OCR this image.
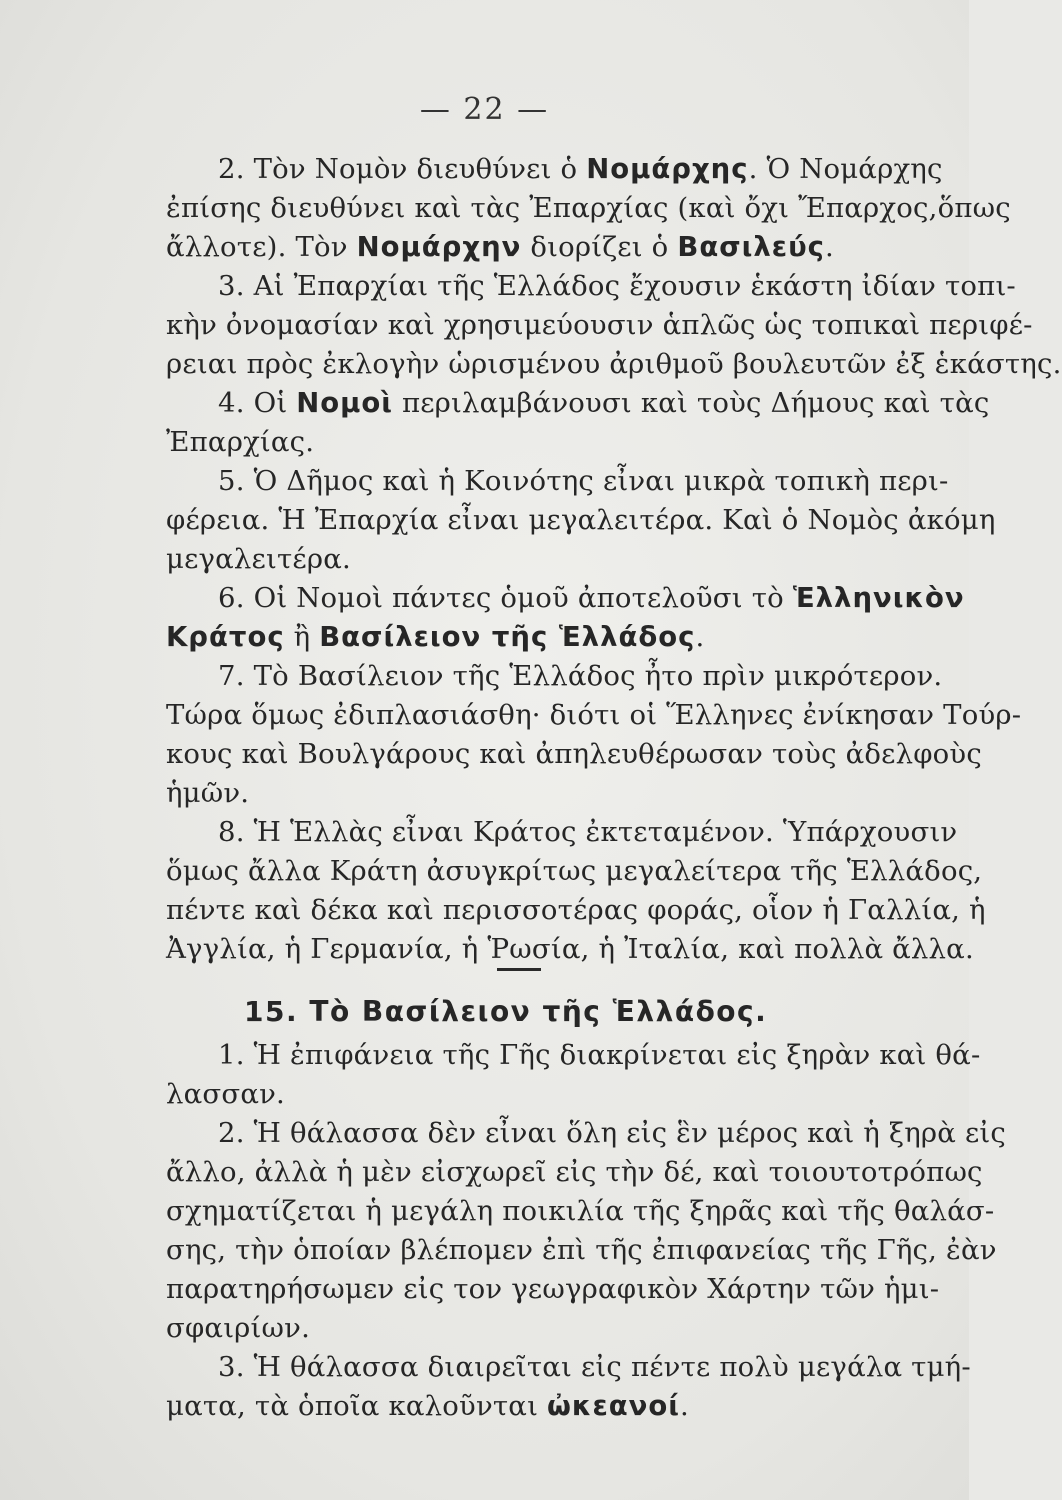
— 22 —
2. Τὸν Νομὸν διευθύνει ὁ Νομάρχης. Ὁ Νομάρχης
ἐπίσης διευθύνει καὶ τὰς Ἐπαρχίας (καὶ ὄχι Ἔπαρχος,ὅπως
ἄλλοτε). Τὸν Νομάρχην διορίζει ὁ Βασιλεύς.
3. Αἱ Ἐπαρχίαι τῆς Ἑλλάδος ἔχουσιν ἑκάστη ἰδίαν τοπι-
κὴν ὀνομασίαν καὶ χρησιμεύουσιν ἁπλῶς ὡς τοπικαὶ περιφέ-
ρειαι πρὸς ἐκλογὴν ὡρισμένου ἀριθμοῦ βουλευτῶν ἐξ ἑκάστης.
4. Οἱ Νομοὶ περιλαμβάνουσι καὶ τοὺς Δήμους καὶ τὰς
Ἐπαρχίας.
5. Ὁ Δῆμος καὶ ἡ Κοινότης εἶναι μικρὰ τοπικὴ περι-
φέρεια. Ἡ Ἐπαρχία εἶναι μεγαλειτέρα. Καὶ ὁ Νομὸς ἀκόμη
μεγαλειτέρα.
6. Οἱ Νομοὶ πάντες ὁμοῦ ἀποτελοῦσι τὸ Ἑλληνικὸν
Κράτος ἢ Βασίλειον τῆς Ἑλλάδος.
7. Τὸ Βασίλειον τῆς Ἑλλάδος ἦτο πρὶν μικρότερον.
Τώρα ὅμως ἐδιπλασιάσθη· διότι οἱ Ἕλληνες ἐνίκησαν Τούρ-
κους καὶ Βουλγάρους καὶ ἀπηλευθέρωσαν τοὺς ἀδελφοὺς
ἡμῶν.
8. Ἡ Ἑλλὰς εἶναι Κράτος ἐκτεταμένον. Ὑπάρχουσιν
ὅμως ἄλλα Κράτη ἀσυγκρίτως μεγαλείτερα τῆς Ἑλλάδος,
πέντε καὶ δέκα καὶ περισσοτέρας φοράς, οἷον ἡ Γαλλία, ἡ
Ἀγγλία, ἡ Γερμανία, ἡ Ῥωσία, ἡ Ἰταλία, καὶ πολλὰ ἄλλα.
15. Τὸ Βασίλειον τῆς Ἑλλάδος.
1. Ἡ ἐπιφάνεια τῆς Γῆς διακρίνεται εἰς ξηρὰν καὶ θά-
λασσαν.
2. Ἡ θάλασσα δὲν εἶναι ὅλη εἰς ἓν μέρος καὶ ἡ ξηρὰ εἰς
ἄλλο, ἀλλὰ ἡ μὲν εἰσχωρεῖ εἰς τὴν δέ, καὶ τοιουτοτρόπως
σχηματίζεται ἡ μεγάλη ποικιλία τῆς ξηρᾶς καὶ τῆς θαλάσ-
σης, τὴν ὁποίαν βλέπομεν ἐπὶ τῆς ἐπιφανείας τῆς Γῆς, ἐὰν
παρατηρήσωμεν εἰς τον γεωγραφικὸν Χάρτην τῶν ἡμι-
σφαιρίων.
3. Ἡ θάλασσα διαιρεῖται εἰς πέντε πολὺ μεγάλα τμή-
ματα, τὰ ὁποῖα καλοῦνται ὠκεανοί.
